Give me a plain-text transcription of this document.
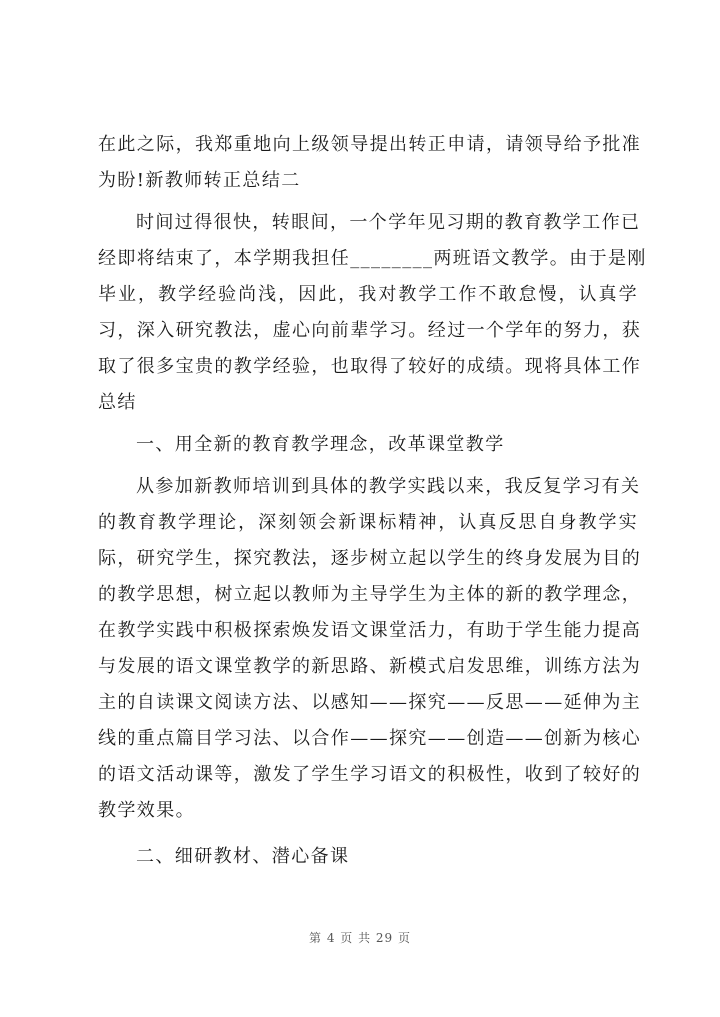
在此之际，我郑重地向上级领导提出转正申请，请领导给予批准
为盼!新教师转正总结二
时间过得很快，转眼间，一个学年见习期的教育教学工作已
经即将结束了，本学期我担任________两班语文教学。由于是刚
毕业，教学经验尚浅，因此，我对教学工作不敢怠慢，认真学
习，深入研究教法，虚心向前辈学习。经过一个学年的努力，获
取了很多宝贵的教学经验，也取得了较好的成绩。现将具体工作
总结
一、用全新的教育教学理念，改革课堂教学
从参加新教师培训到具体的教学实践以来，我反复学习有关
的教育教学理论，深刻领会新课标精神，认真反思自身教学实
际，研究学生，探究教法，逐步树立起以学生的终身发展为目的
的教学思想，树立起以教师为主导学生为主体的新的教学理念，
在教学实践中积极探索焕发语文课堂活力，有助于学生能力提高
与发展的语文课堂教学的新思路、新模式启发思维，训练方法为
主的自读课文阅读方法、以感知——探究——反思——延伸为主
线的重点篇目学习法、以合作——探究——创造——创新为核心
的语文活动课等，激发了学生学习语文的积极性，收到了较好的
教学效果。
二、细研教材、潜心备课
第 4 页 共 29 页
